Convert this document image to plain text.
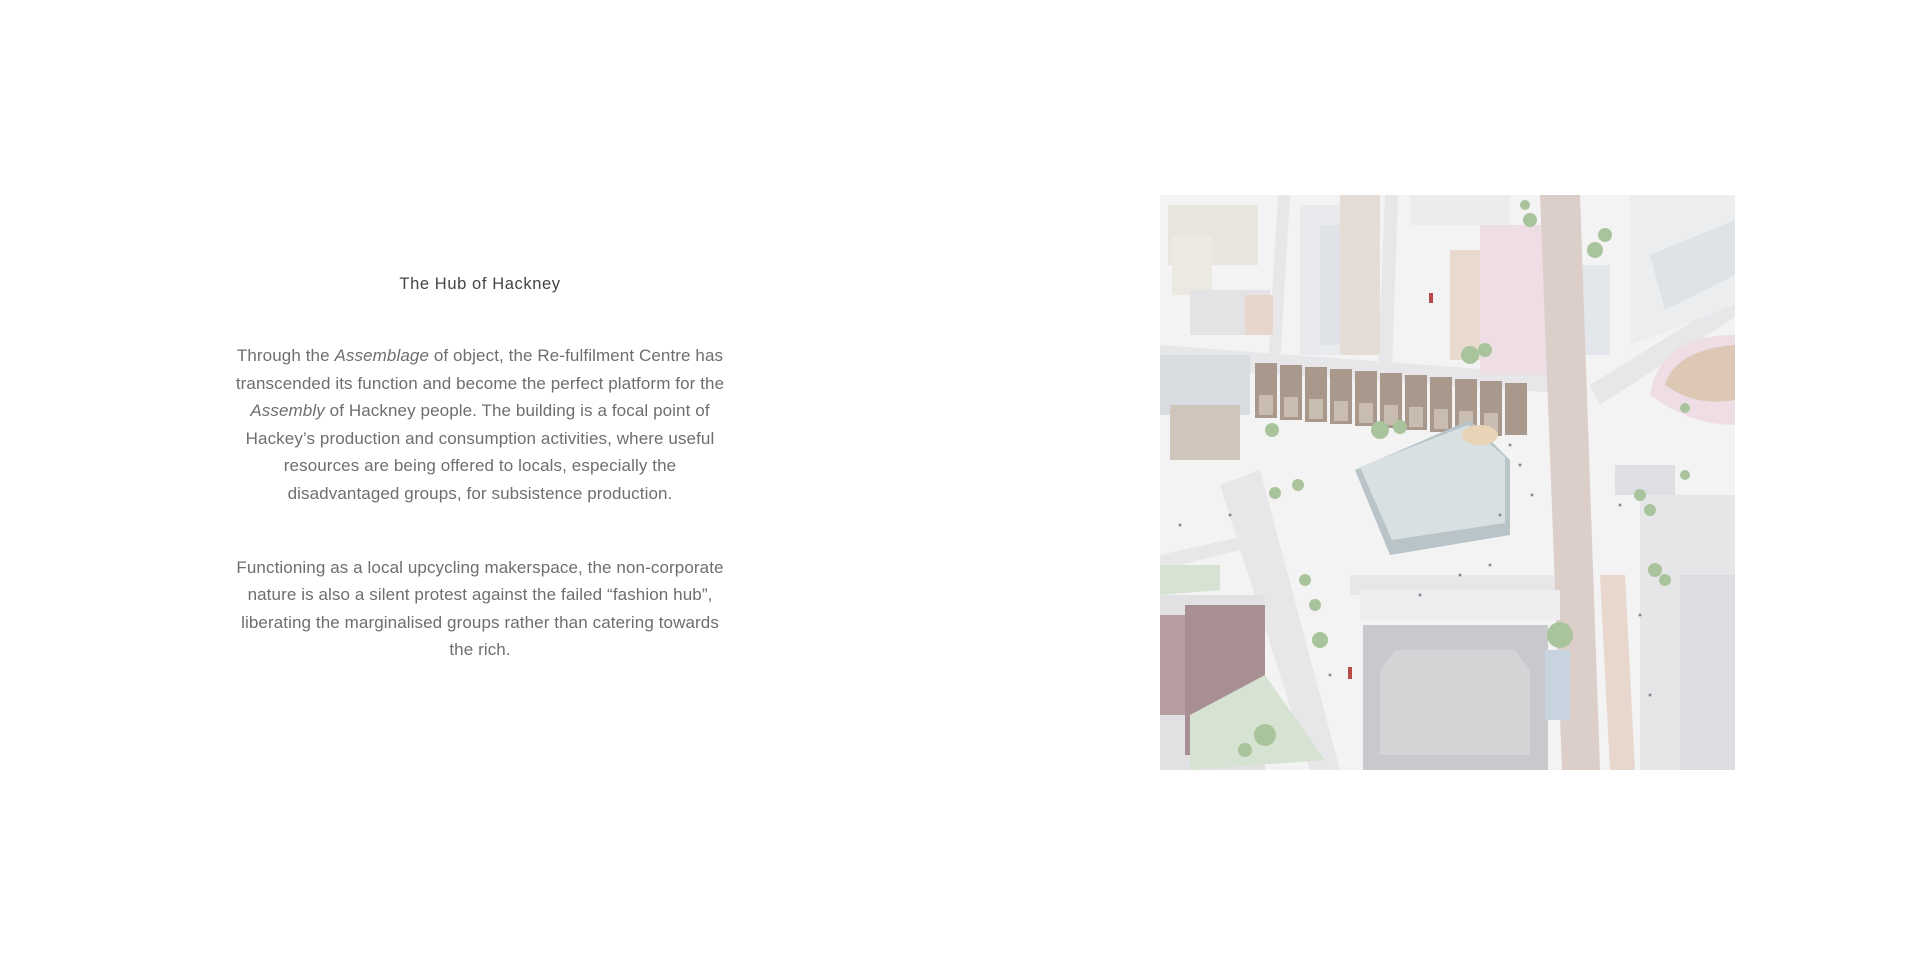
The Hub of Hackney

Through the Assemblage of object, the Re-fulfilment Centre has transcended its function and become the perfect platform for the Assembly of Hackney people. The building is a focal point of Hackey’s production and consumption activities, where useful resources are being offered to locals, especially the disadvantaged groups, for subsistence production.

Functioning as a local upcycling makerspace, the non-corporate nature is also a silent protest against the failed “fashion hub”, liberating the marginalised groups rather than catering towards the rich.
